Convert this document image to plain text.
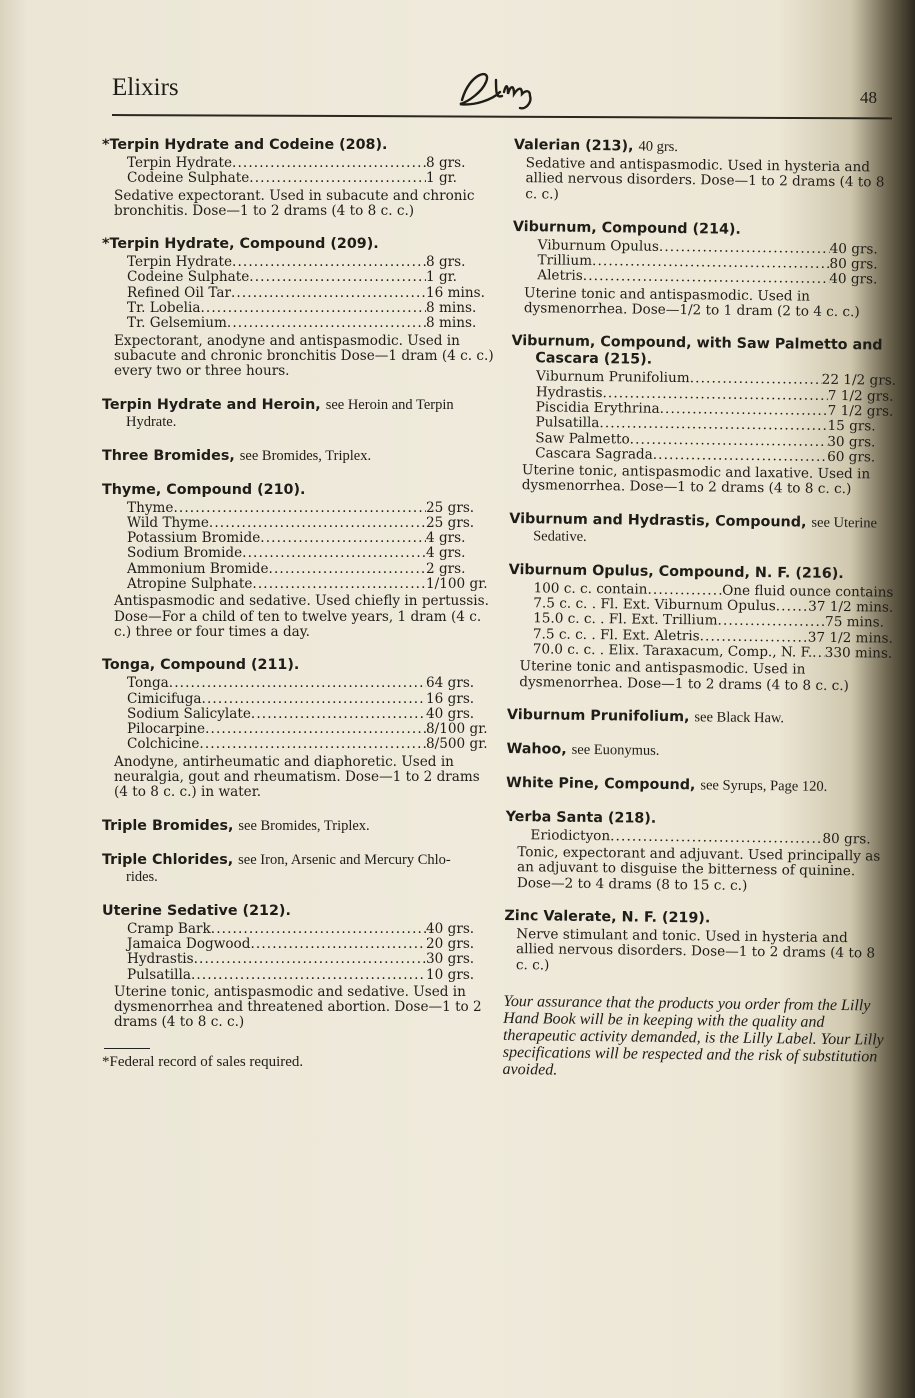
Elixirs	48
*Terpin Hydrate and Codeine (208).
Terpin Hydrate . . .	8 grs.
Codeine Sulphate . . .	1 gr.
Sedative expectorant. Used in subacute and chronic bronchitis. Dose—1 to 2 drams (4 to 8 c. c.)
*Terpin Hydrate, Compound (209).
Terpin Hydrate . . .	8 grs.
Codeine Sulphate . . .	1 gr.
Refined Oil Tar . . .	16 mins.
Tr. Lobelia . . .	8 mins.
Tr. Gelsemium . . .	8 mins.
Expectorant, anodyne and antispasmodic. Used in subacute and chronic bronchitis Dose—1 dram (4 c. c.) every two or three hours.
Terpin Hydrate and Heroin, see Heroin and Terpin
Hydrate.
Three Bromides, see Bromides, Triplex.
Thyme, Compound (210).
Thyme . . .	25 grs.
Wild Thyme . . .	25 grs.
Potassium Bromide . . .	4 grs.
Sodium Bromide . . .	4 grs.
Ammonium Bromide . . .	2 grs.
Atropine Sulphate . . .	1/100 gr.
Antispasmodic and sedative. Used chiefly in pertussis. Dose—For a child of ten to twelve years, 1 dram (4 c. c.) three or four times a day.
Tonga, Compound (211).
Tonga . . .	64 grs.
Cimicifuga . . .	16 grs.
Sodium Salicylate . . .	40 grs.
Pilocarpine . . .	8/100 gr.
Colchicine . . .	8/500 gr.
Anodyne, antirheumatic and diaphoretic. Used in neuralgia, gout and rheumatism. Dose—1 to 2 drams (4 to 8 c. c.) in water.
Triple Bromides, see Bromides, Triplex.
Triple Chlorides, see Iron, Arsenic and Mercury Chlo-
rides.
Uterine Sedative (212).
Cramp Bark . . .	40 grs.
Jamaica Dogwood . . .	20 grs.
Hydrastis . . .	30 grs.
Pulsatilla . . .	10 grs.
Uterine tonic, antispasmodic and sedative. Used in dysmenorrhea and threatened abortion. Dose—1 to 2 drams (4 to 8 c. c.)
*Federal record of sales required.
Valerian (213), 40 grs.
Sedative and antispasmodic. Used in hysteria and allied nervous disorders. Dose—1 to 2 drams (4 to 8 c. c.)
Viburnum, Compound (214).
Viburnum Opulus . . .	40 grs.
Trillium . . .	80 grs.
Aletris . . .	40 grs.
Uterine tonic and antispasmodic. Used in dysmenorrhea. Dose—1/2 to 1 dram (2 to 4 c. c.)
Viburnum, Compound, with Saw Palmetto and
Cascara (215).
Viburnum Prunifolium . . .	22 1/2 grs.
Hydrastis . . .	7 1/2 grs.
Piscidia Erythrina . . .	7 1/2 grs.
Pulsatilla . . .	15 grs.
Saw Palmetto . . .	30 grs.
Cascara Sagrada . . .	60 grs.
Uterine tonic, antispasmodic and laxative. Used in dysmenorrhea. Dose—1 to 2 drams (4 to 8 c. c.)
Viburnum and Hydrastis, Compound, see Uterine
Sedative.
Viburnum Opulus, Compound, N. F. (216).
100 c. c. contain . . .	One fluid ounce contains
7.5 c. c. . Fl. Ext. Viburnum Opulus . . . 37 1/2 mins.
15.0 c. c. . Fl. Ext. Trillium . . .	75 mins.
7.5 c. c. . Fl. Ext. Aletris . . .	37 1/2 mins.
70.0 c. c. . Elix. Taraxacum, Comp., N. F. . . . 330 mins.
Uterine tonic and antispasmodic. Used in dysmenorrhea. Dose—1 to 2 drams (4 to 8 c. c.)
Viburnum Prunifolium, see Black Haw.
Wahoo, see Euonymus.
White Pine, Compound, see Syrups, Page 120.
Yerba Santa (218).
Eriodictyon . . .	80 grs.
Tonic, expectorant and adjuvant. Used principally as an adjuvant to disguise the bitterness of quinine. Dose—2 to 4 drams (8 to 15 c. c.)
Zinc Valerate, N. F. (219).
Nerve stimulant and tonic. Used in hysteria and allied nervous disorders. Dose—1 to 2 drams (4 to 8 c. c.)
Your assurance that the products you order from the Lilly Hand Book will be in keeping with the quality and therapeutic activity demanded, is the Lilly Label. Your Lilly specifications will be respected and the risk of substitution avoided.
